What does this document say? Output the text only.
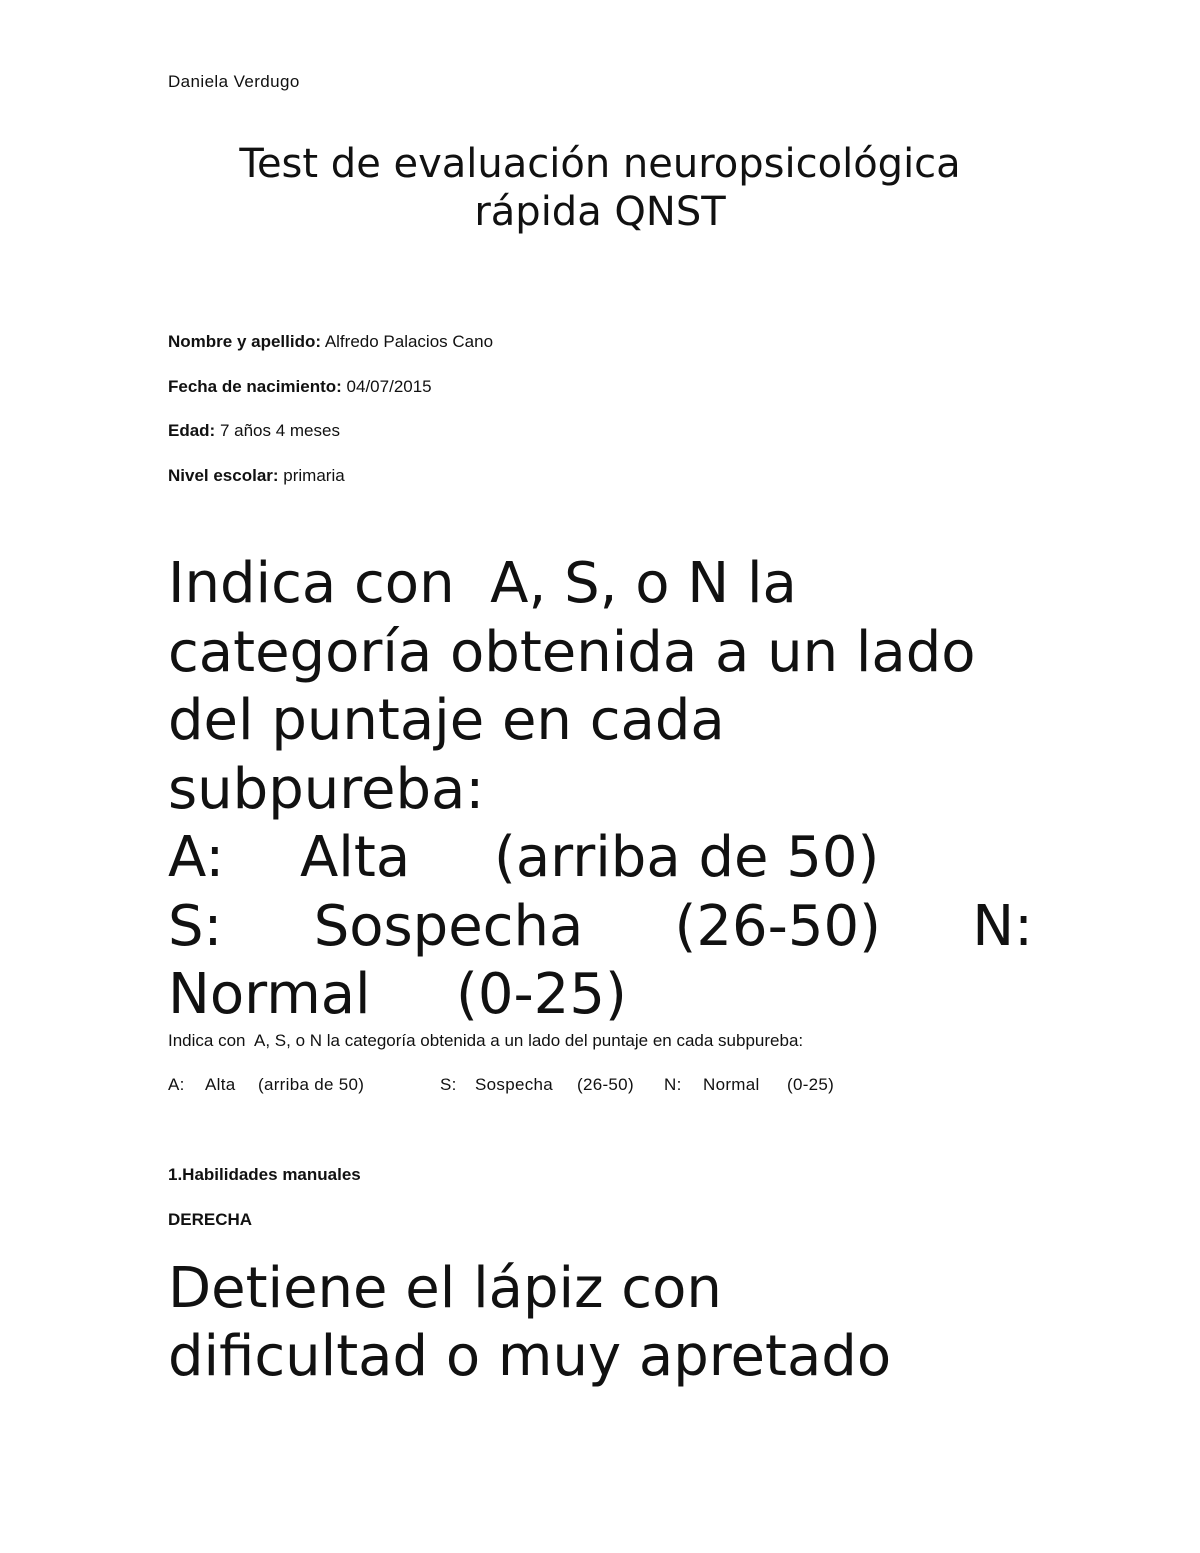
Daniela Verdugo

Test de evaluación neuropsicológica
rápida QNST
Nombre y apellido: Alfredo Palacios Cano
Fecha de nacimiento: 04/07/2015
Edad: 7 años 4 meses
Nivel escolar: primaria
Indica con  A, S, o N la
categoría obtenida a un lado
del puntaje en cada
subpureba:
A: Alta (arriba de 50)
S: Sospecha (26-50) N:
Normal (0-25)

Indica con  A, S, o N la categoría obtenida a un lado del puntaje en cada subpureba:

A: Alta (arriba de 50)	S: Sospecha (26-50) N: Normal (0-25)

1.Habilidades manuales

DERECHA

Detiene el lápiz con
dificultad o muy apretado
